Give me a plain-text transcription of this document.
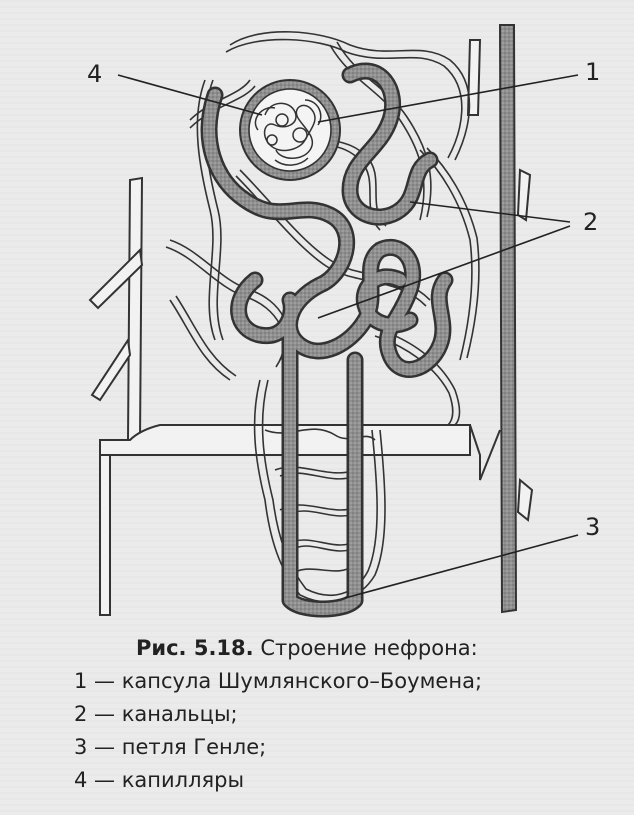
1
2
3
4
Рис. 5.18. Строение нефрона:
1 — капсула Шумлянского–Боумена;
2 — канальцы;
3 — петля Генле;
4 — капилляры
